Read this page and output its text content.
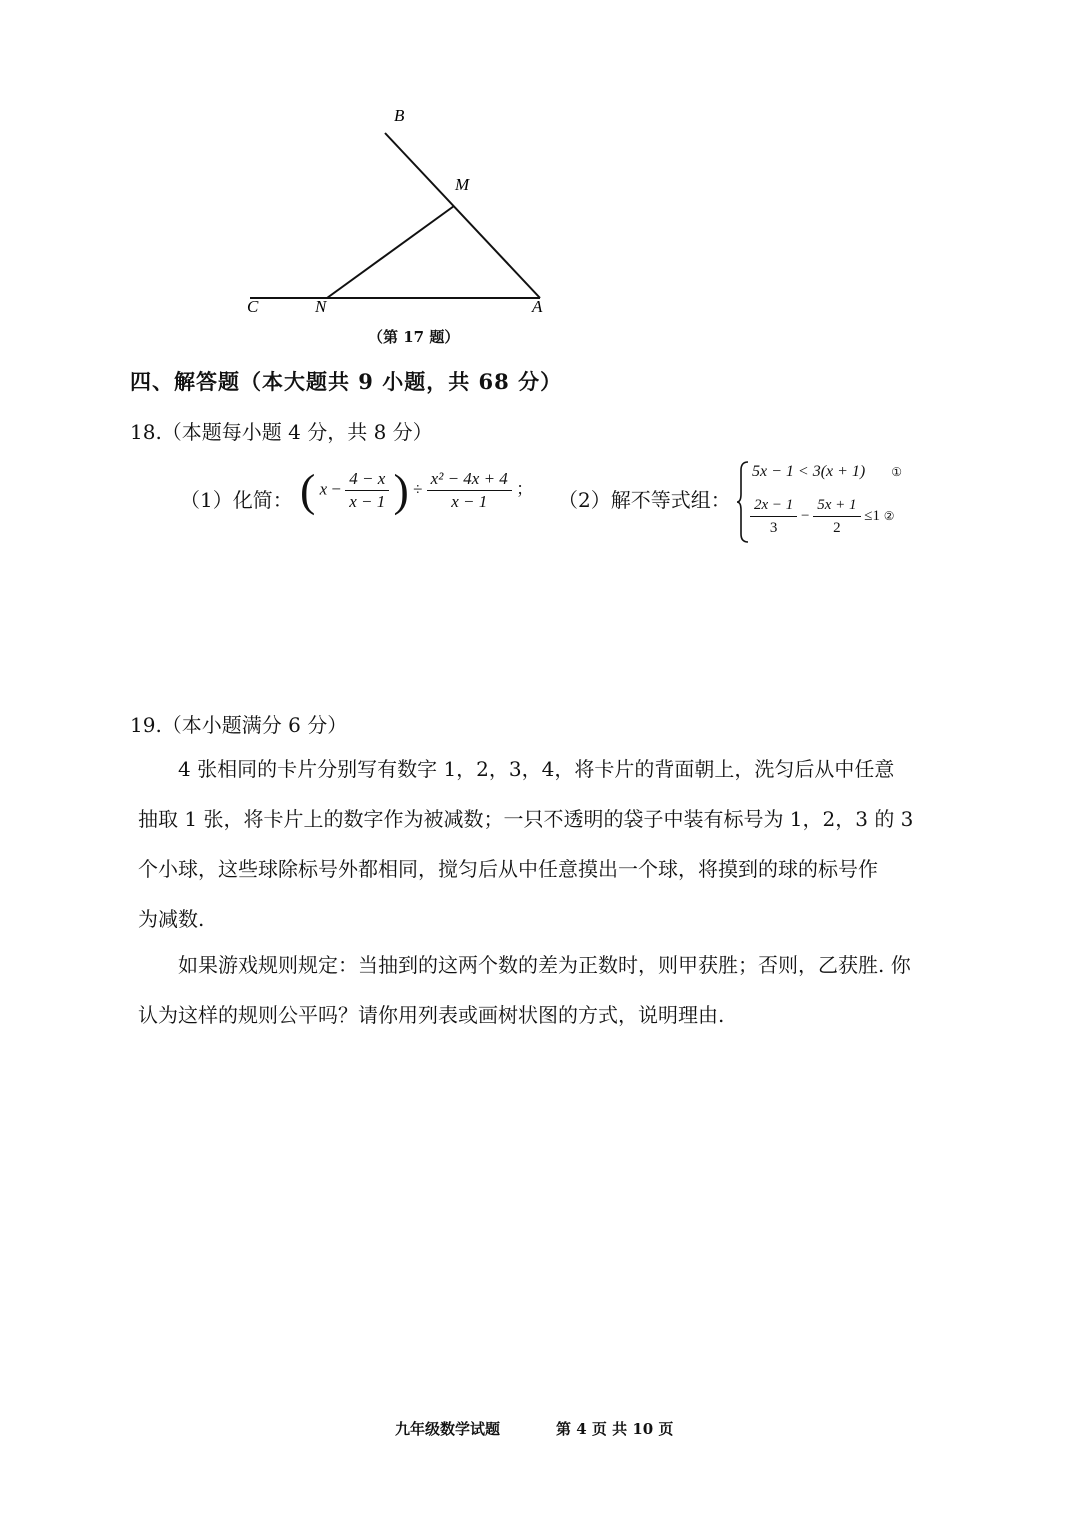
B
M
C	N	A
（第 17 题）
四、解答题（本大题共 9 小题，共 68 分）
18.（本题每小题 4 分，共 8 分）
（1）化简： ( $x - \frac{4 - x}{x - 1}$ ) ÷ $\frac{\text{x² − 4x + 4}}{x - 1}$ ； （2）解不等式组：
5x − 1 < 3(x + 1) ①
$\frac{2x - 1}{3} - \frac{5x + 1}{2} \le 1$ ②
19.（本小题满分 6 分）
4 张相同的卡片分别写有数字 1，2，3，4，将卡片的背面朝上，洗匀后从中任意
抽取 1 张，将卡片上的数字作为被减数；一只不透明的袋子中装有标号为 1，2，3 的 3
个小球，这些球除标号外都相同，搅匀后从中任意摸出一个球，将摸到的球的标号作
为减数.
如果游戏规则规定：当抽到的这两个数的差为正数时，则甲获胜；否则，乙获胜. 你
认为这样的规则公平吗？请你用列表或画树状图的方式，说明理由.
九年级数学试题	第 4 页 共 10 页
